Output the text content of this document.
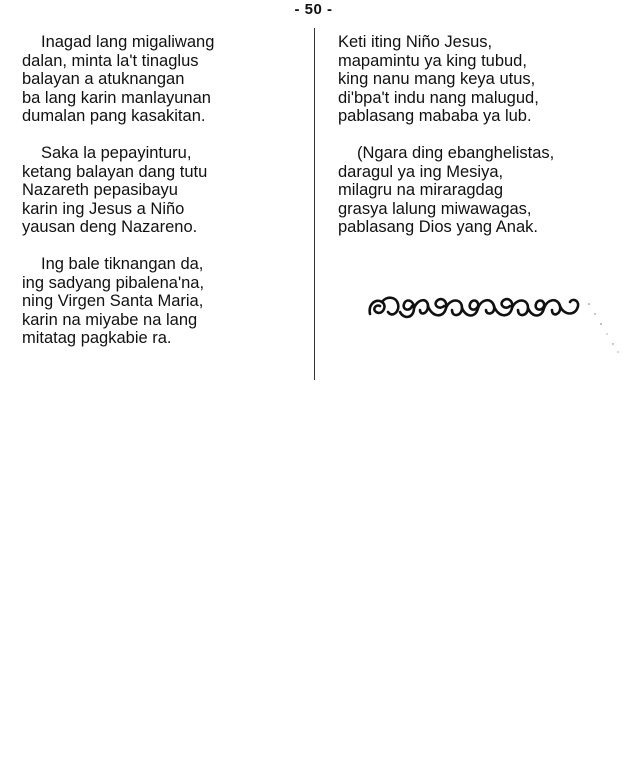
- 50 -
Inagad lang migaliwang
dalan, minta la't tinaglus
balayan a atuknangan
ba lang karin manlayunan
dumalan pang kasakitan.
Saka la pepayinturu,
ketang balayan dang tutu
Nazareth pepasibayu
karin ing Jesus a Niño
yausan deng Nazareno.
Ing bale tiknangan da,
ing sadyang pibalena'na,
ning Virgen Santa Maria,
karin na miyabe na lang
mitatag pagkabie ra.
Keti iting Niño Jesus,
mapamintu ya king tubud,
king nanu mang keya utus,
di'bpa't indu nang malugud,
pablasang mababa ya lub.
(Ngara ding ebanghelistas,
daragul ya ing Mesiya,
milagru na miraragdag
grasya lalung miwawagas,
pablasang Dios yang Anak.
